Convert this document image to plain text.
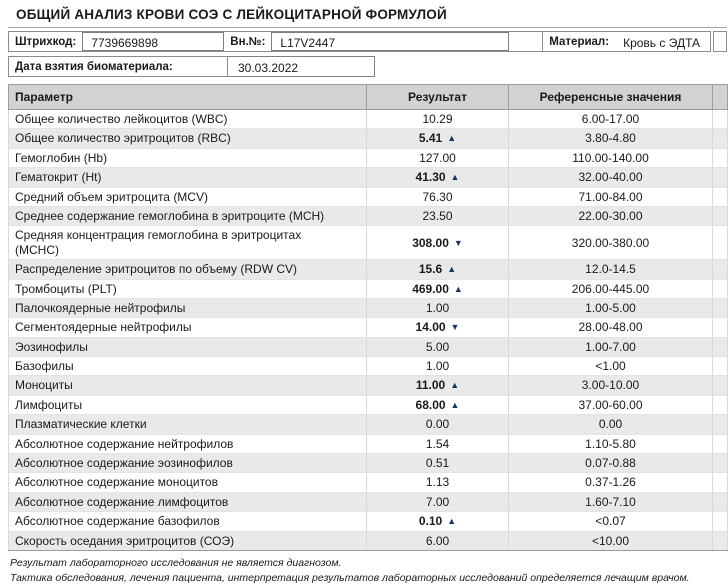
ОБЩИЙ АНАЛИЗ КРОВИ СОЭ С ЛЕЙКОЦИТАРНОЙ ФОРМУЛОЙ
Штрихкод:	7739669898	Вн.№:	L17V2447	Материал:	Кровь с ЭДТА
Дата взятия биоматериала:	30.03.2022
Параметр	Результат	Референсные значения	
Общее количество лейкоцитов (WBC)	10.29	6.00-17.00	
Общее количество эритроцитов (RBC)	5.41 ▲	3.80-4.80	
Гемоглобин (Hb)	127.00	110.00-140.00	
Гематокрит (Ht)	41.30 ▲	32.00-40.00	
Средний объем эритроцита (MCV)	76.30	71.00-84.00	
Среднее содержание гемоглобина в эритроците (МСН)	23.50	22.00-30.00	
Средняя концентрация гемоглобина в эритроцитах (МСНС)	308.00 ▼	320.00-380.00	
Распределение эритроцитов по объему (RDW CV)	15.6 ▲	12.0-14.5	
Тромбоциты (PLT)	469.00 ▲	206.00-445.00	
Палочкоядерные нейтрофилы	1.00	1.00-5.00	
Сегментоядерные нейтрофилы	14.00 ▼	28.00-48.00	
Эозинофилы	5.00	1.00-7.00	
Базофилы	1.00	<1.00	
Моноциты	11.00 ▲	3.00-10.00	
Лимфоциты	68.00 ▲	37.00-60.00	
Плазматические клетки	0.00	0.00	
Абсолютное содержание нейтрофилов	1.54	1.10-5.80	
Абсолютное содержание эозинофилов	0.51	0.07-0.88	
Абсолютное содержание моноцитов	1.13	0.37-1.26	
Абсолютное содержание лимфоцитов	7.00	1.60-7.10	
Абсолютное содержание базофилов	0.10 ▲	<0.07	
Скорость оседания эритроцитов (СОЭ)	6.00	<10.00	
Результат лабораторного исследования не является диагнозом.
Тактика обследования, лечения пациента, интерпретация результатов лабораторных исследований определяется лечащим врачом.
